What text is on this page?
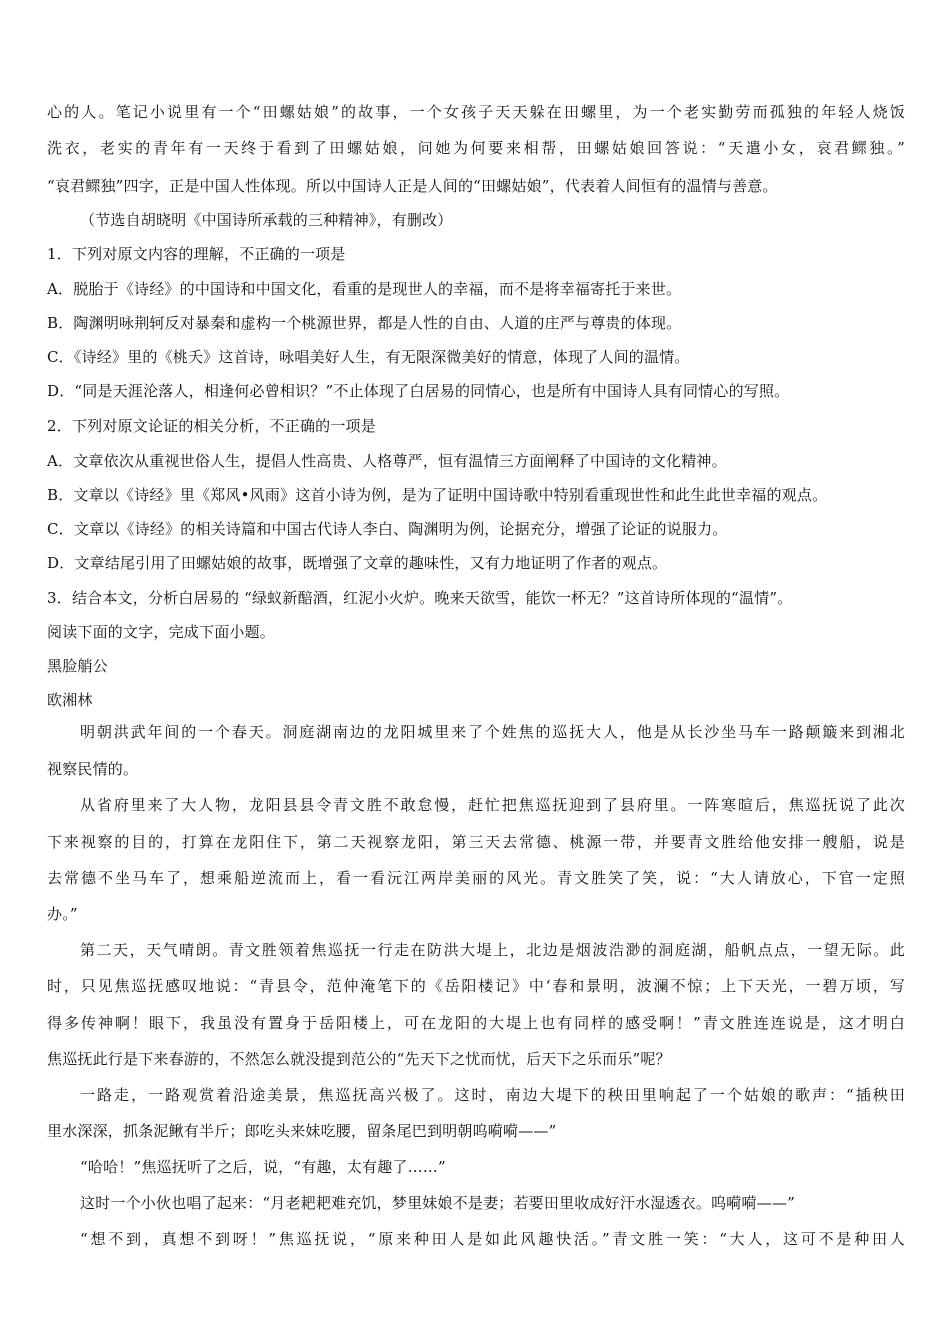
心的人。笔记小说里有一个“田螺姑娘”的故事，一个女孩子天天躲在田螺里，为一个老实勤劳而孤独的年轻人烧饭
洗衣，老实的青年有一天终于看到了田螺姑娘，问她为何要来相帮，田螺姑娘回答说：“天遣小女，哀君鳏独。”
“哀君鳏独”四字，正是中国人性体现。所以中国诗人正是人间的“田螺姑娘”，代表着人间恒有的温情与善意。
（节选自胡晓明《中国诗所承载的三种精神》，有删改）
1．下列对原文内容的理解，不正确的一项是
A．脱胎于《诗经》的中国诗和中国文化，看重的是现世人的幸福，而不是将幸福寄托于来世。
B．陶渊明咏荆轲反对暴秦和虚构一个桃源世界，都是人性的自由、人道的庄严与尊贵的体现。
C．《诗经》里的《桃夭》这首诗，咏唱美好人生，有无限深微美好的情意，体现了人间的温情。
D．“同是天涯沦落人，相逢何必曾相识？”不止体现了白居易的同情心，也是所有中国诗人具有同情心的写照。
2．下列对原文论证的相关分析，不正确的一项是
A．文章依次从重视世俗人生，提倡人性高贵、人格尊严，恒有温情三方面阐释了中国诗的文化精神。
B．文章以《诗经》里《郑风•风雨》这首小诗为例，是为了证明中国诗歌中特别看重现世性和此生此世幸福的观点。
C．文章以《诗经》的相关诗篇和中国古代诗人李白、陶渊明为例，论据充分，增强了论证的说服力。
D．文章结尾引用了田螺姑娘的故事，既增强了文章的趣味性，又有力地证明了作者的观点。
3．结合本文，分析白居易的 “绿蚁新醅酒，红泥小火炉。晚来天欲雪，能饮一杯无？”这首诗所体现的“温情”。
阅读下面的文字，完成下面小题。
黑脸艄公
欧湘林
明朝洪武年间的一个春天。洞庭湖南边的龙阳城里来了个姓焦的巡抚大人，他是从长沙坐马车一路颠簸来到湘北
视察民情的。
从省府里来了大人物，龙阳县县令青文胜不敢怠慢，赶忙把焦巡抚迎到了县府里。一阵寒暄后，焦巡抚说了此次
下来视察的目的，打算在龙阳住下，第二天视察龙阳，第三天去常德、桃源一带，并要青文胜给他安排一艘船，说是
去常德不坐马车了，想乘船逆流而上，看一看沅江两岸美丽的风光。青文胜笑了笑，说：“大人请放心，下官一定照
办。”
第二天，天气晴朗。青文胜领着焦巡抚一行走在防洪大堤上，北边是烟波浩渺的洞庭湖，船帆点点，一望无际。此
时，只见焦巡抚感叹地说：“青县令，范仲淹笔下的《岳阳楼记》中‘春和景明，波澜不惊；上下天光，一碧万顷，写
得多传神啊！眼下，我虽没有置身于岳阳楼上，可在龙阳的大堤上也有同样的感受啊！”青文胜连连说是，这才明白
焦巡抚此行是下来春游的，不然怎么就没提到范公的“先天下之忧而忧，后天下之乐而乐”呢？
一路走，一路观赏着沿途美景，焦巡抚高兴极了。这时，南边大堤下的秧田里响起了一个姑娘的歌声：“插秧田
里水深深，抓条泥鳅有半斤；郎吃头来妹吃腰，留条尾巴到明朝呜嗬嗬——”
“哈哈！”焦巡抚听了之后，说，“有趣，太有趣了……”
这时一个小伙也唱了起来：“月老耙耙难充饥，梦里妹娘不是妻；若要田里收成好汗水湿透衣。呜嗬嗬——”
“想不到，真想不到呀！”焦巡抚说，“原来种田人是如此风趣快活。”青文胜一笑：“大人，这可不是种田人
